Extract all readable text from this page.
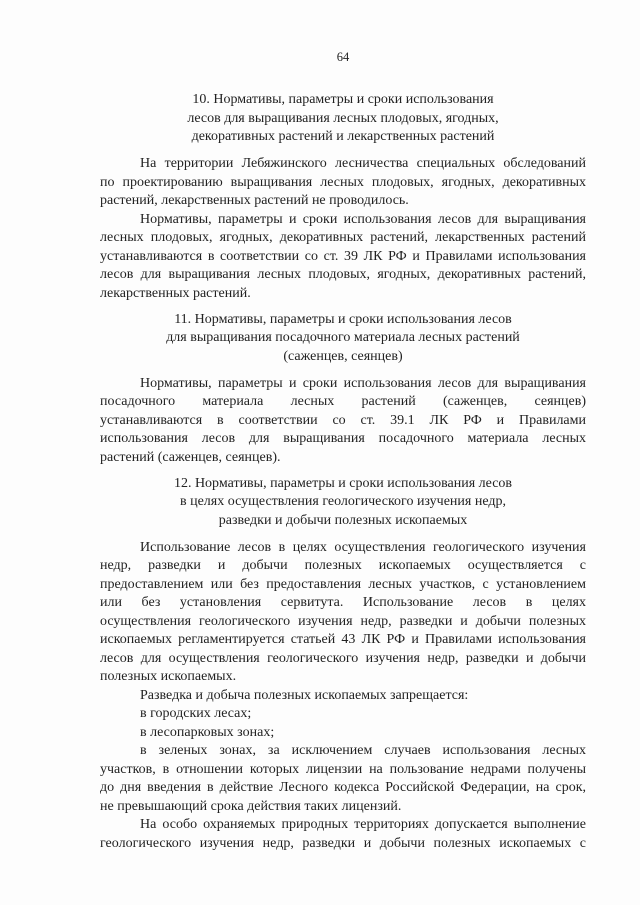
64
10. Нормативы, параметры и сроки использования
лесов для выращивания лесных плодовых, ягодных,
декоративных растений и лекарственных растений
На территории Лебяжинского лесничества специальных обследований
по проектированию выращивания лесных плодовых, ягодных, декоративных
растений, лекарственных растений не проводилось.
Нормативы, параметры и сроки использования лесов для выращивания
лесных плодовых, ягодных, декоративных растений, лекарственных растений
устанавливаются в соответствии со ст. 39 ЛК РФ и Правилами использования
лесов для выращивания лесных плодовых, ягодных, декоративных растений,
лекарственных растений.
11. Нормативы, параметры и сроки использования лесов
для выращивания посадочного материала лесных растений
(саженцев, сеянцев)
Нормативы, параметры и сроки использования лесов для выращивания
посадочного материала лесных растений (саженцев, сеянцев)
устанавливаются в соответствии со ст. 39.1 ЛК РФ и Правилами
использования лесов для выращивания посадочного материала лесных
растений (саженцев, сеянцев).
12. Нормативы, параметры и сроки использования лесов
в целях осуществления геологического изучения недр,
разведки и добычи полезных ископаемых
Использование лесов в целях осуществления геологического изучения
недр, разведки и добычи полезных ископаемых осуществляется с
предоставлением или без предоставления лесных участков, с установлением
или без установления сервитута. Использование лесов в целях
осуществления геологического изучения недр, разведки и добычи полезных
ископаемых регламентируется статьей 43 ЛК РФ и Правилами использования
лесов для осуществления геологического изучения недр, разведки и добычи
полезных ископаемых.
Разведка и добыча полезных ископаемых запрещается:
в городских лесах;
в лесопарковых зонах;
в зеленых зонах, за исключением случаев использования лесных
участков, в отношении которых лицензии на пользование недрами получены
до дня введения в действие Лесного кодекса Российской Федерации, на срок,
не превышающий срока действия таких лицензий.
На особо охраняемых природных территориях допускается выполнение
геологического изучения недр, разведки и добычи полезных ископаемых с
